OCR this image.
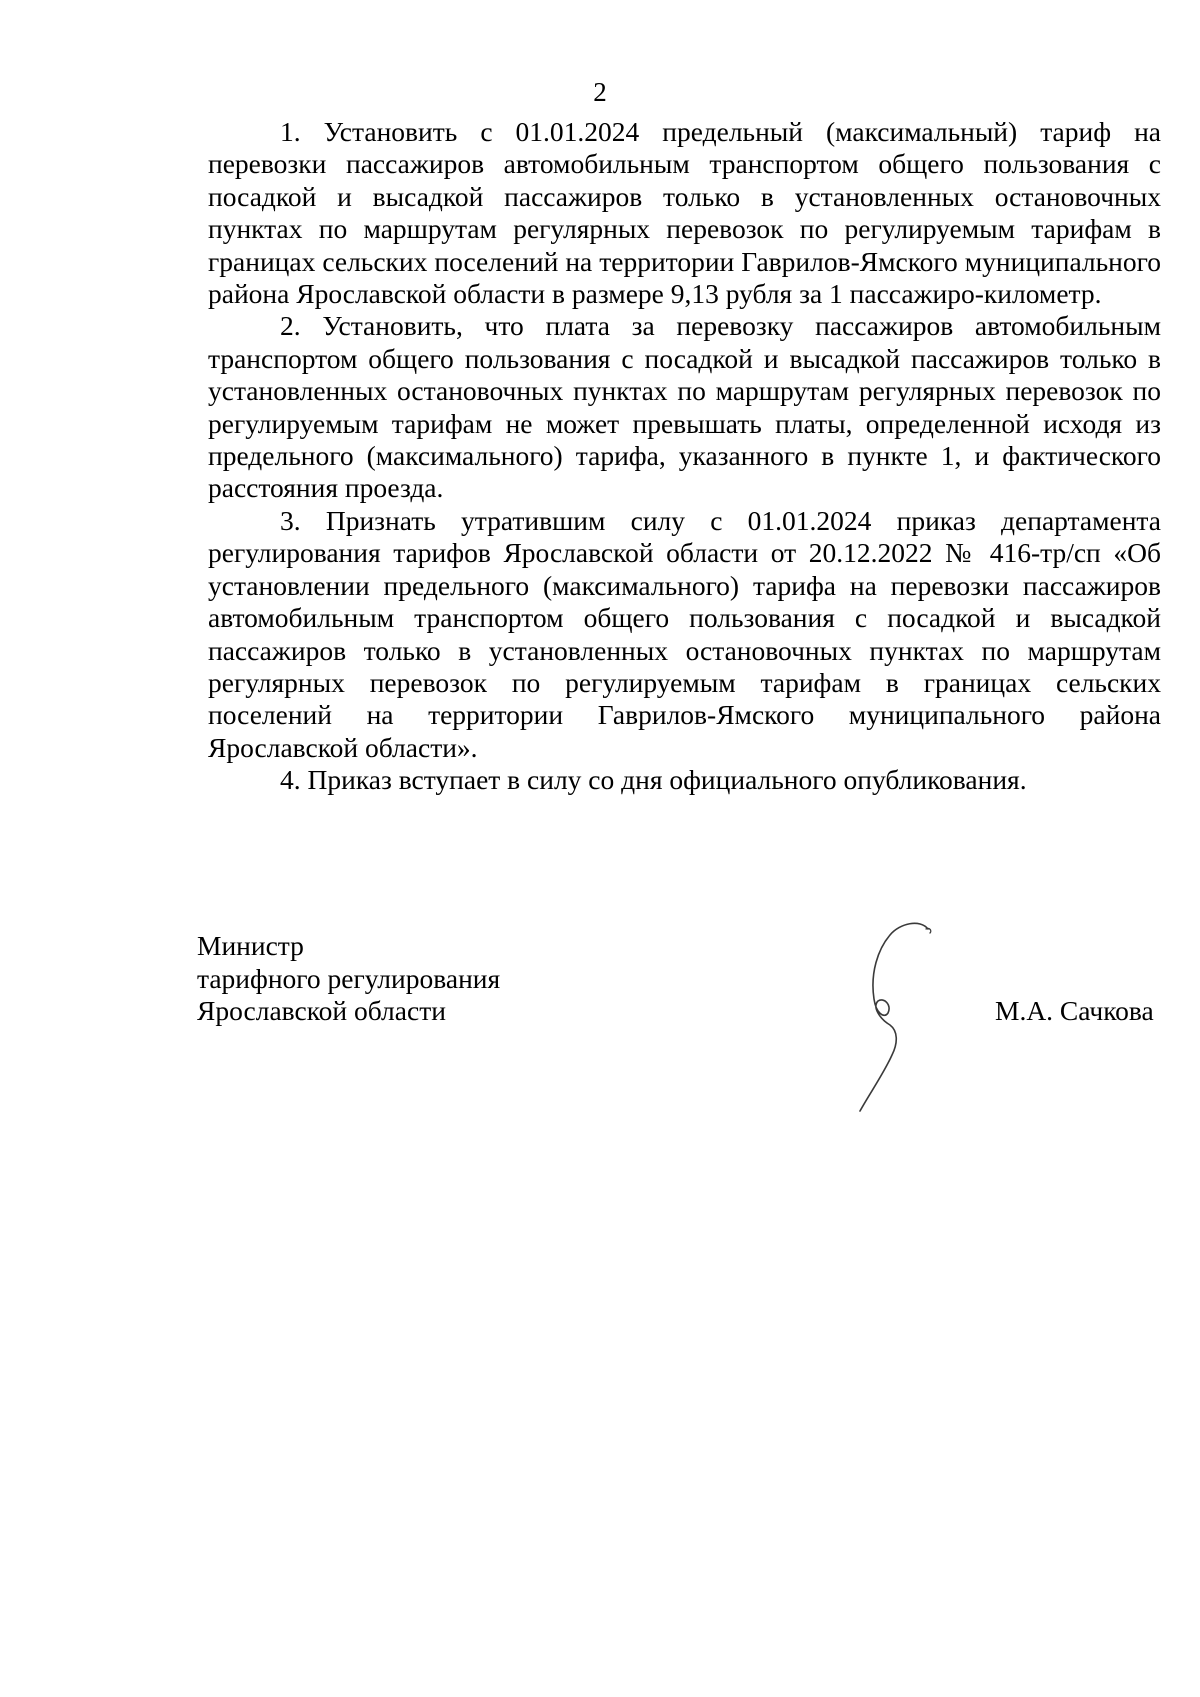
2

1. Установить с 01.01.2024 предельный (максимальный) тариф на перевозки пассажиров автомобильным транспортом общего пользования с посадкой и высадкой пассажиров только в установленных остановочных пунктах по маршрутам регулярных перевозок по регулируемым тарифам в границах сельских поселений на территории Гаврилов-Ямского муниципального района Ярославской области в размере 9,13 рубля за 1 пассажиро-километр.

2. Установить, что плата за перевозку пассажиров автомобильным транспортом общего пользования с посадкой и высадкой пассажиров только в установленных остановочных пунктах по маршрутам регулярных перевозок по регулируемым тарифам не может превышать платы, определенной исходя из предельного (максимального) тарифа, указанного в пункте 1, и фактического расстояния проезда.

3. Признать утратившим силу с 01.01.2024 приказ департамента регулирования тарифов Ярославской области от 20.12.2022 № 416-тр/сп «Об установлении предельного (максимального) тарифа на перевозки пассажиров автомобильным транспортом общего пользования с посадкой и высадкой пассажиров только в установленных остановочных пунктах по маршрутам регулярных перевозок по регулируемым тарифам в границах сельских поселений на территории Гаврилов-Ямского муниципального района Ярославской области».

4. Приказ вступает в силу со дня официального опубликования.

Министр
тарифного регулирования
Ярославской области	М.А. Сачкова
